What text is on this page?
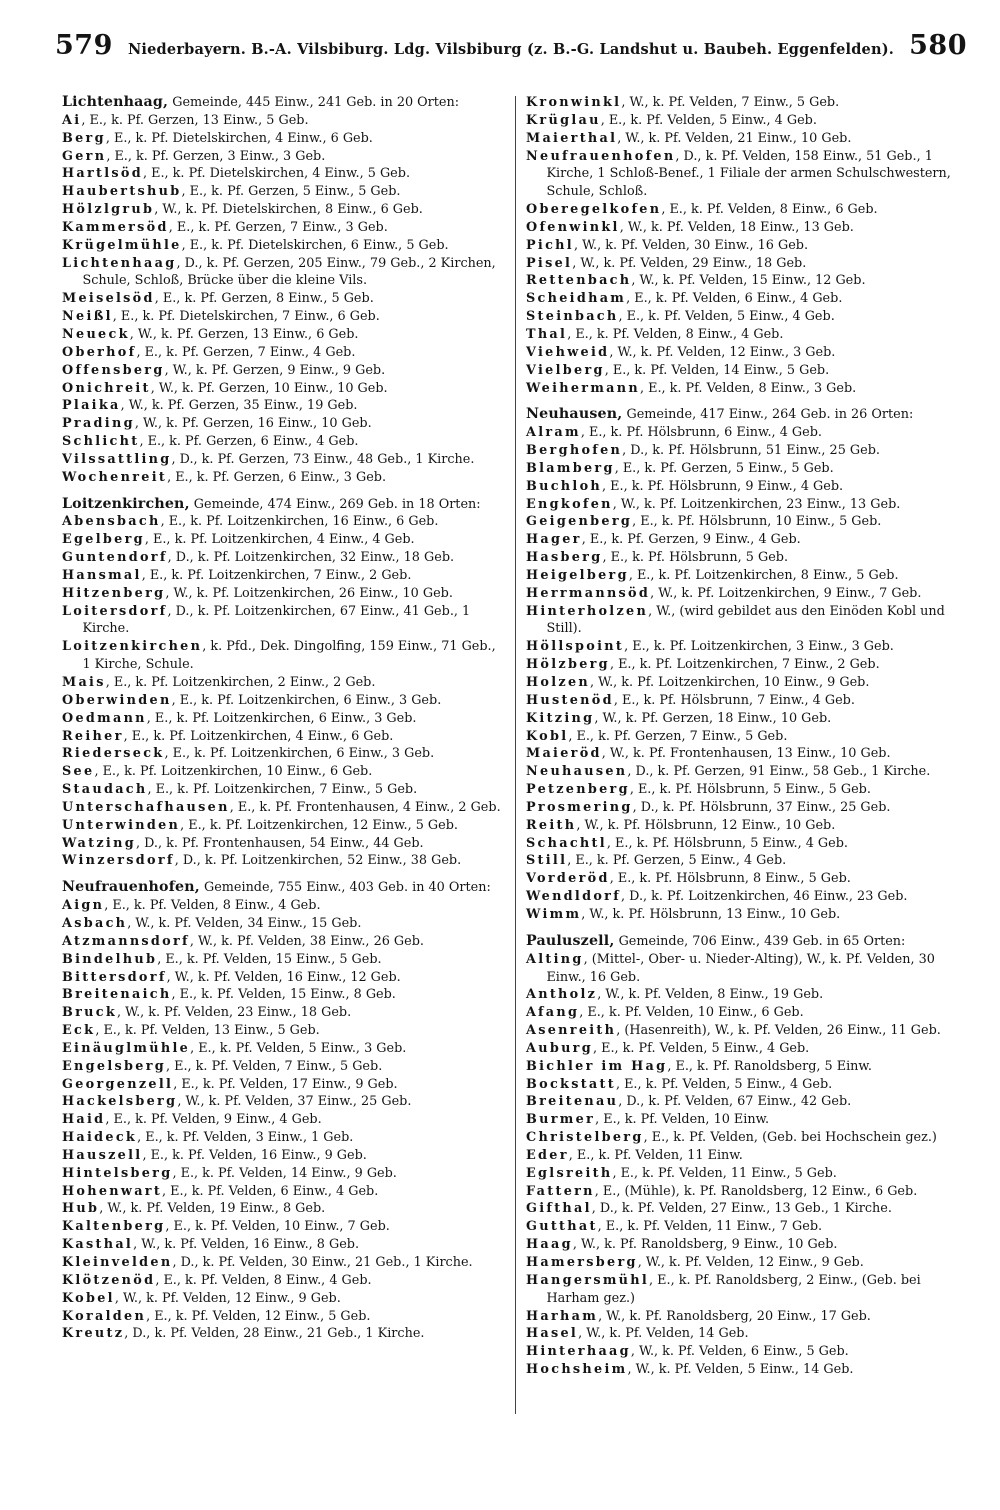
579 Niederbayern. B.-A. Vilsbiburg. Ldg. Vilsbiburg (z. B.-G. Landshut u. Baubeh. Eggenfelden). 580

Lichtenhaag, Gemeinde, 445 Einw., 241 Geb. in 20 Orten:

Ai, E., k. Pf. Gerzen, 13 Einw., 5 Geb.

Berg, E., k. Pf. Dietelskirchen, 4 Einw., 6 Geb.

Gern, E., k. Pf. Gerzen, 3 Einw., 3 Geb.

Hartlsöd, E., k. Pf. Dietelskirchen, 4 Einw., 5 Geb.

Haubertshub, E., k. Pf. Gerzen, 5 Einw., 5 Geb.

Hölzlgrub, W., k. Pf. Dietelskirchen, 8 Einw., 6 Geb.

Kammersöd, E., k. Pf. Gerzen, 7 Einw., 3 Geb.

Krügelmühle, E., k. Pf. Dietelskirchen, 6 Einw., 5 Geb.

Lichtenhaag, D., k. Pf. Gerzen, 205 Einw., 79 Geb., 2 Kirchen, Schule, Schloß, Brücke über die kleine Vils.

Meiselsöd, E., k. Pf. Gerzen, 8 Einw., 5 Geb.

Neißl, E., k. Pf. Dietelskirchen, 7 Einw., 6 Geb.

Neueck, W., k. Pf. Gerzen, 13 Einw., 6 Geb.

Oberhof, E., k. Pf. Gerzen, 7 Einw., 4 Geb.

Offensberg, W., k. Pf. Gerzen, 9 Einw., 9 Geb.

Onichreit, W., k. Pf. Gerzen, 10 Einw., 10 Geb.

Plaika, W., k. Pf. Gerzen, 35 Einw., 19 Geb.

Prading, W., k. Pf. Gerzen, 16 Einw., 10 Geb.

Schlicht, E., k. Pf. Gerzen, 6 Einw., 4 Geb.

Vilssattling, D., k. Pf. Gerzen, 73 Einw., 48 Geb., 1 Kirche.

Wochenreit, E., k. Pf. Gerzen, 6 Einw., 3 Geb.

Loitzenkirchen, Gemeinde, 474 Einw., 269 Geb. in 18 Orten:

Abensbach, E., k. Pf. Loitzenkirchen, 16 Einw., 6 Geb.

Egelberg, E., k. Pf. Loitzenkirchen, 4 Einw., 4 Geb.

Guntendorf, D., k. Pf. Loitzenkirchen, 32 Einw., 18 Geb.

Hansmal, E., k. Pf. Loitzenkirchen, 7 Einw., 2 Geb.

Hitzenberg, W., k. Pf. Loitzenkirchen, 26 Einw., 10 Geb.

Loitersdorf, D., k. Pf. Loitzenkirchen, 67 Einw., 41 Geb., 1 Kirche.

Loitzenkirchen, k. Pfd., Dek. Dingolfing, 159 Einw., 71 Geb., 1 Kirche, Schule.

Mais, E., k. Pf. Loitzenkirchen, 2 Einw., 2 Geb.

Oberwinden, E., k. Pf. Loitzenkirchen, 6 Einw., 3 Geb.

Oedmann, E., k. Pf. Loitzenkirchen, 6 Einw., 3 Geb.

Reiher, E., k. Pf. Loitzenkirchen, 4 Einw., 6 Geb.

Riederseck, E., k. Pf. Loitzenkirchen, 6 Einw., 3 Geb.

See, E., k. Pf. Loitzenkirchen, 10 Einw., 6 Geb.

Staudach, E., k. Pf. Loitzenkirchen, 7 Einw., 5 Geb.

Unterschafhausen, E., k. Pf. Frontenhausen, 4 Einw., 2 Geb.

Unterwinden, E., k. Pf. Loitzenkirchen, 12 Einw., 5 Geb.

Watzing, D., k. Pf. Frontenhausen, 54 Einw., 44 Geb.

Winzersdorf, D., k. Pf. Loitzenkirchen, 52 Einw., 38 Geb.

Neufrauenhofen, Gemeinde, 755 Einw., 403 Geb. in 40 Orten:

Aign, E., k. Pf. Velden, 8 Einw., 4 Geb.

Asbach, W., k. Pf. Velden, 34 Einw., 15 Geb.

Atzmannsdorf, W., k. Pf. Velden, 38 Einw., 26 Geb.

Bindelhub, E., k. Pf. Velden, 15 Einw., 5 Geb.

Bittersdorf, W., k. Pf. Velden, 16 Einw., 12 Geb.

Breitenaich, E., k. Pf. Velden, 15 Einw., 8 Geb.

Bruck, W., k. Pf. Velden, 23 Einw., 18 Geb.

Eck, E., k. Pf. Velden, 13 Einw., 5 Geb.

Einäuglmühle, E., k. Pf. Velden, 5 Einw., 3 Geb.

Engelsberg, E., k. Pf. Velden, 7 Einw., 5 Geb.

Georgenzell, E., k. Pf. Velden, 17 Einw., 9 Geb.

Hackelsberg, W., k. Pf. Velden, 37 Einw., 25 Geb.

Haid, E., k. Pf. Velden, 9 Einw., 4 Geb.

Haideck, E., k. Pf. Velden, 3 Einw., 1 Geb.

Hauszell, E., k. Pf. Velden, 16 Einw., 9 Geb.

Hintelsberg, E., k. Pf. Velden, 14 Einw., 9 Geb.

Hohenwart, E., k. Pf. Velden, 6 Einw., 4 Geb.

Hub, W., k. Pf. Velden, 19 Einw., 8 Geb.

Kaltenberg, E., k. Pf. Velden, 10 Einw., 7 Geb.

Kasthal, W., k. Pf. Velden, 16 Einw., 8 Geb.

Kleinvelden, D., k. Pf. Velden, 30 Einw., 21 Geb., 1 Kirche.

Klötzenöd, E., k. Pf. Velden, 8 Einw., 4 Geb.

Kobel, W., k. Pf. Velden, 12 Einw., 9 Geb.

Koralden, E., k. Pf. Velden, 12 Einw., 5 Geb.

Kreutz, D., k. Pf. Velden, 28 Einw., 21 Geb., 1 Kirche.

Kronwinkl, W., k. Pf. Velden, 7 Einw., 5 Geb.

Krüglau, E., k. Pf. Velden, 5 Einw., 4 Geb.

Maierthal, W., k. Pf. Velden, 21 Einw., 10 Geb.

Neufrauenhofen, D., k. Pf. Velden, 158 Einw., 51 Geb., 1 Kirche, 1 Schloß-Benef., 1 Filiale der armen Schulschwestern, Schule, Schloß.

Oberegelkofen, E., k. Pf. Velden, 8 Einw., 6 Geb.

Ofenwinkl, W., k. Pf. Velden, 18 Einw., 13 Geb.

Pichl, W., k. Pf. Velden, 30 Einw., 16 Geb.

Pisel, W., k. Pf. Velden, 29 Einw., 18 Geb.

Rettenbach, W., k. Pf. Velden, 15 Einw., 12 Geb.

Scheidham, E., k. Pf. Velden, 6 Einw., 4 Geb.

Steinbach, E., k. Pf. Velden, 5 Einw., 4 Geb.

Thal, E., k. Pf. Velden, 8 Einw., 4 Geb.

Viehweid, W., k. Pf. Velden, 12 Einw., 3 Geb.

Vielberg, E., k. Pf. Velden, 14 Einw., 5 Geb.

Weihermann, E., k. Pf. Velden, 8 Einw., 3 Geb.

Neuhausen, Gemeinde, 417 Einw., 264 Geb. in 26 Orten:

Alram, E., k. Pf. Hölsbrunn, 6 Einw., 4 Geb.

Berghofen, D., k. Pf. Hölsbrunn, 51 Einw., 25 Geb.

Blamberg, E., k. Pf. Gerzen, 5 Einw., 5 Geb.

Buchloh, E., k. Pf. Hölsbrunn, 9 Einw., 4 Geb.

Engkofen, W., k. Pf. Loitzenkirchen, 23 Einw., 13 Geb.

Geigenberg, E., k. Pf. Hölsbrunn, 10 Einw., 5 Geb.

Hager, E., k. Pf. Gerzen, 9 Einw., 4 Geb.

Hasberg, E., k. Pf. Hölsbrunn, 5 Geb.

Heigelberg, E., k. Pf. Loitzenkirchen, 8 Einw., 5 Geb.

Herrmannsöd, W., k. Pf. Loitzenkirchen, 9 Einw., 7 Geb.

Hinterholzen, W., (wird gebildet aus den Einöden Kobl und Still).

Höllspoint, E., k. Pf. Loitzenkirchen, 3 Einw., 3 Geb.

Hölzberg, E., k. Pf. Loitzenkirchen, 7 Einw., 2 Geb.

Holzen, W., k. Pf. Loitzenkirchen, 10 Einw., 9 Geb.

Hustenöd, E., k. Pf. Hölsbrunn, 7 Einw., 4 Geb.

Kitzing, W., k. Pf. Gerzen, 18 Einw., 10 Geb.

Kobl, E., k. Pf. Gerzen, 7 Einw., 5 Geb.

Maieröd, W., k. Pf. Frontenhausen, 13 Einw., 10 Geb.

Neuhausen, D., k. Pf. Gerzen, 91 Einw., 58 Geb., 1 Kirche.

Petzenberg, E., k. Pf. Hölsbrunn, 5 Einw., 5 Geb.

Prosmering, D., k. Pf. Hölsbrunn, 37 Einw., 25 Geb.

Reith, W., k. Pf. Hölsbrunn, 12 Einw., 10 Geb.

Schachtl, E., k. Pf. Hölsbrunn, 5 Einw., 4 Geb.

Still, E., k. Pf. Gerzen, 5 Einw., 4 Geb.

Vorderöd, E., k. Pf. Hölsbrunn, 8 Einw., 5 Geb.

Wendldorf, D., k. Pf. Loitzenkirchen, 46 Einw., 23 Geb.

Wimm, W., k. Pf. Hölsbrunn, 13 Einw., 10 Geb.

Pauluszell, Gemeinde, 706 Einw., 439 Geb. in 65 Orten:

Alting, (Mittel-, Ober- u. Nieder-Alting), W., k. Pf. Velden, 30 Einw., 16 Geb.

Antholz, W., k. Pf. Velden, 8 Einw., 19 Geb.

Afang, E., k. Pf. Velden, 10 Einw., 6 Geb.

Asenreith, (Hasenreith), W., k. Pf. Velden, 26 Einw., 11 Geb.

Auburg, E., k. Pf. Velden, 5 Einw., 4 Geb.

Bichler im Hag, E., k. Pf. Ranoldsberg, 5 Einw.

Bockstatt, E., k. Pf. Velden, 5 Einw., 4 Geb.

Breitenau, D., k. Pf. Velden, 67 Einw., 42 Geb.

Burmer, E., k. Pf. Velden, 10 Einw.

Christelberg, E., k. Pf. Velden, (Geb. bei Hochschein gez.)

Eder, E., k. Pf. Velden, 11 Einw.

Eglsreith, E., k. Pf. Velden, 11 Einw., 5 Geb.

Fattern, E., (Mühle), k. Pf. Ranoldsberg, 12 Einw., 6 Geb.

Gifthal, D., k. Pf. Velden, 27 Einw., 13 Geb., 1 Kirche.

Gutthat, E., k. Pf. Velden, 11 Einw., 7 Geb.

Haag, W., k. Pf. Ranoldsberg, 9 Einw., 10 Geb.

Hamersberg, W., k. Pf. Velden, 12 Einw., 9 Geb.

Hangersmühl, E., k. Pf. Ranoldsberg, 2 Einw., (Geb. bei Harham gez.)

Harham, W., k. Pf. Ranoldsberg, 20 Einw., 17 Geb.

Hasel, W., k. Pf. Velden, 14 Geb.

Hinterhaag, W., k. Pf. Velden, 6 Einw., 5 Geb.

Hochsheim, W., k. Pf. Velden, 5 Einw., 14 Geb.
